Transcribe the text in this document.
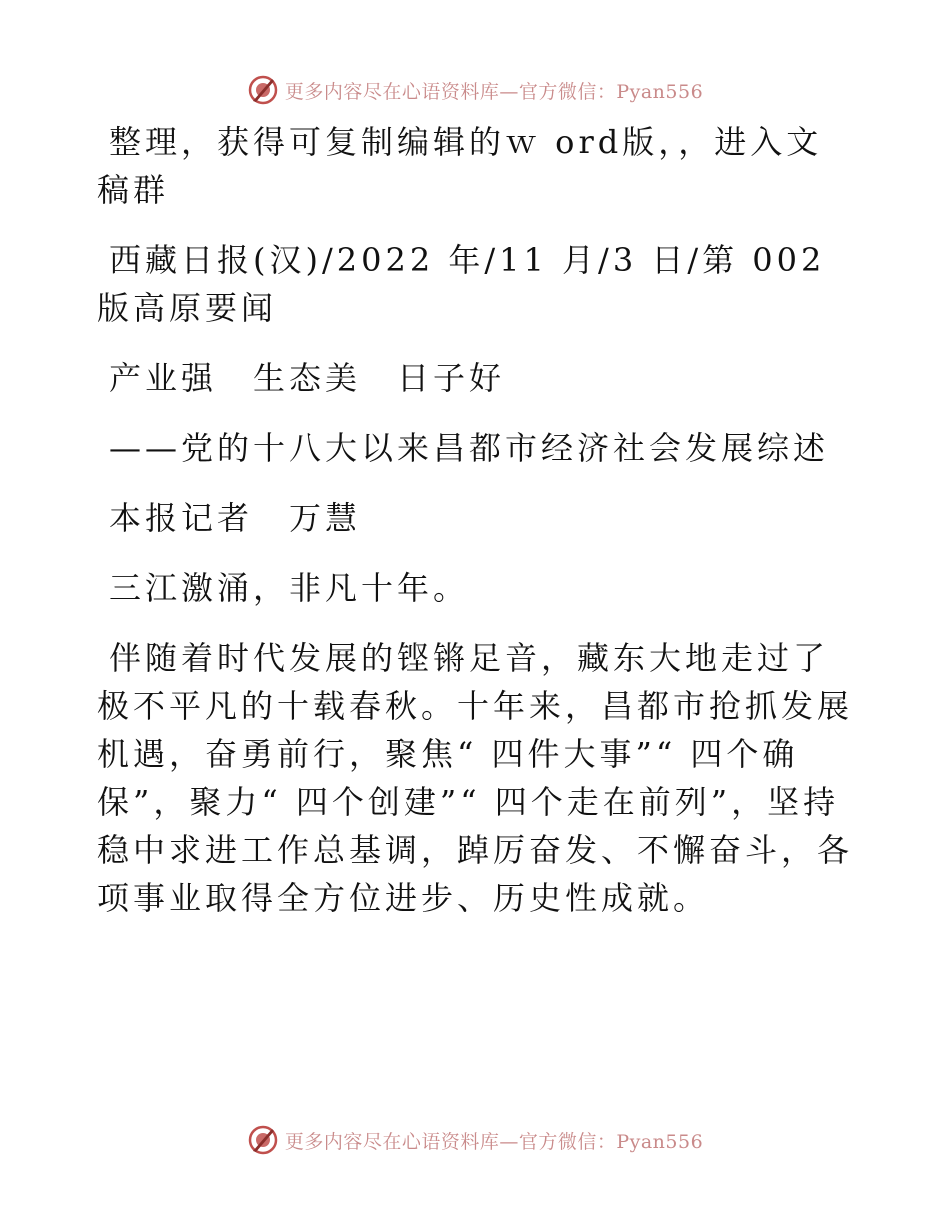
更多内容尽在心语资料库—官方微信：Pyan556

整理，获得可复制编辑的ｗ ord版，，进入文稿群

西藏日报(汉)/2022 年/11 月/3 日/第 002 版高原要闻

产业强　生态美　日子好

——党的十八大以来昌都市经济社会发展综述

本报记者　万慧

三江激涌，非凡十年。

伴随着时代发展的铿锵足音，藏东大地走过了极不平凡的十载春秋。十年来，昌都市抢抓发展机遇，奋勇前行，聚焦“ 四件大事”“ 四个确保”，聚力“ 四个创建”“ 四个走在前列”，坚持稳中求进工作总基调，踔厉奋发、不懈奋斗，各项事业取得全方位进步、历史性成就。

更多内容尽在心语资料库—官方微信：Pyan556
